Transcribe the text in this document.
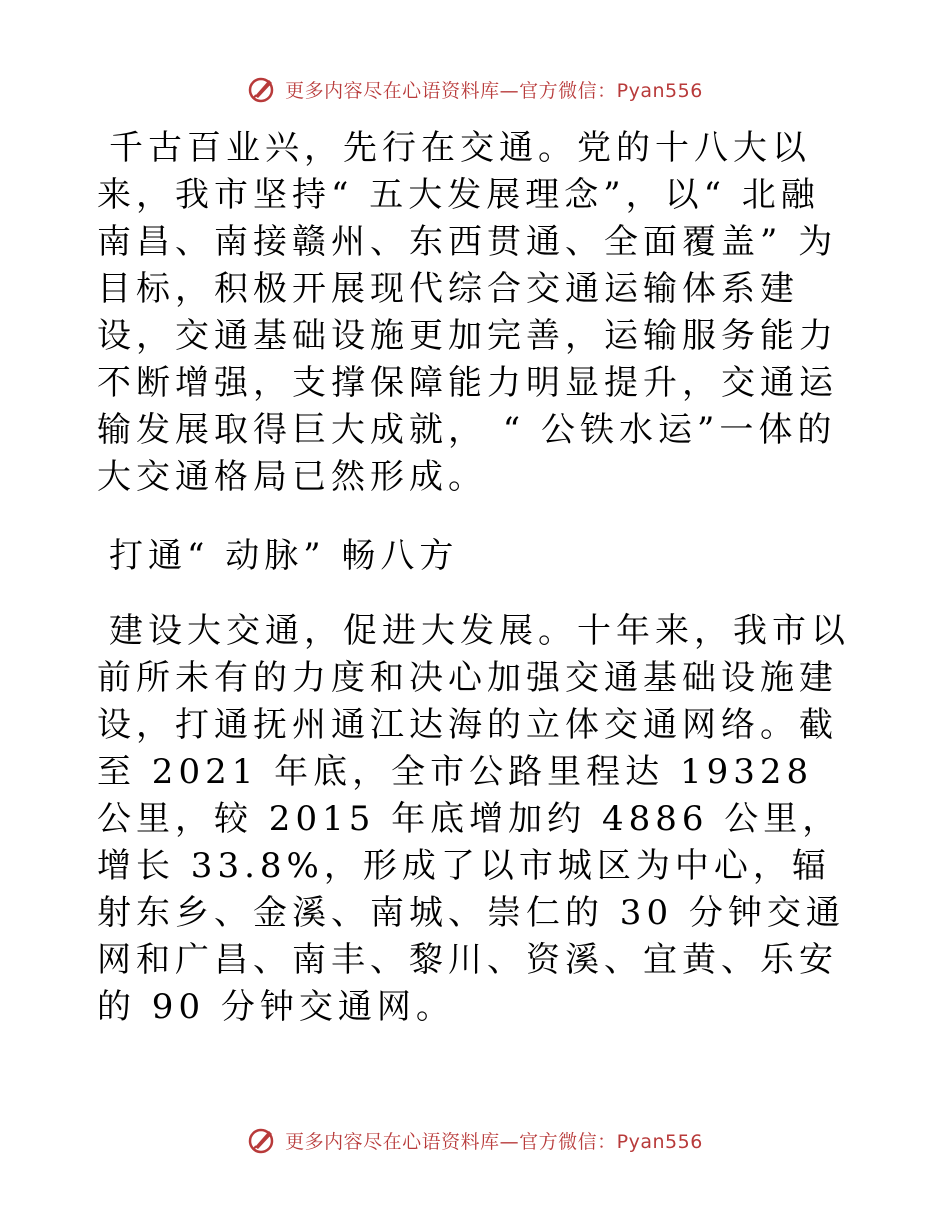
更多内容尽在心语资料库—官方微信：Pyan556

千古百业兴，先行在交通。党的十八大以来，我市坚持“ 五大发展理念”，以“ 北融南昌、南接赣州、东西贯通、全面覆盖” 为目标，积极开展现代综合交通运输体系建设，交通基础设施更加完善，运输服务能力不断增强，支撑保障能力明显提升，交通运输发展取得巨大成就， “ 公铁水运”一体的大交通格局已然形成。

打通“ 动脉” 畅八方

建设大交通，促进大发展。十年来，我市以前所未有的力度和决心加强交通基础设施建设，打通抚州通江达海的立体交通网络。截至 2021 年底，全市公路里程达 19328 公里，较 2015 年底增加约 4886 公里，增长 33.8%，形成了以市城区为中心，辐射东乡、金溪、南城、崇仁的 30 分钟交通网和广昌、南丰、黎川、资溪、宜黄、乐安的 90 分钟交通网。

更多内容尽在心语资料库—官方微信：Pyan556
